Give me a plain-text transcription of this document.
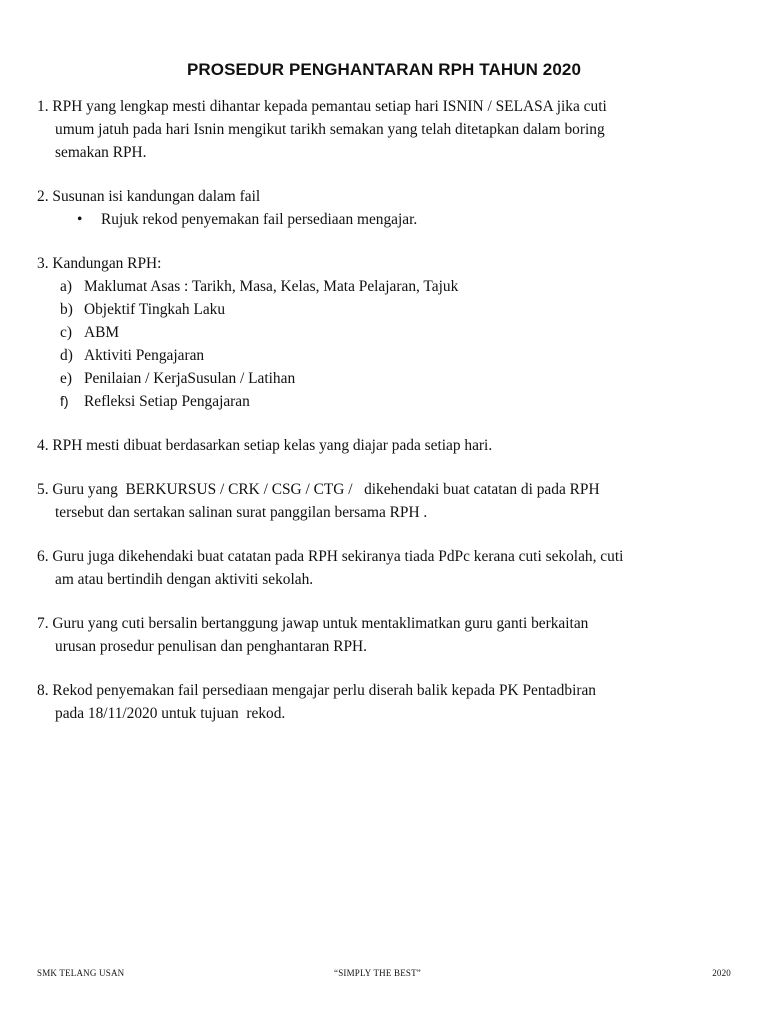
PROSEDUR PENGHANTARAN RPH TAHUN 2020
1. RPH yang lengkap mesti dihantar kepada pemantau setiap hari ISNIN / SELASA jika cuti
umum jatuh pada hari Isnin mengikut tarikh semakan yang telah ditetapkan dalam boring
semakan RPH.
2. Susunan isi kandungan dalam fail
•	Rujuk rekod penyemakan fail persediaan mengajar.
3. Kandungan RPH:
a) Maklumat Asas : Tarikh, Masa, Kelas, Mata Pelajaran, Tajuk
b) Objektif Tingkah Laku
c) ABM
d) Aktiviti Pengajaran
e) Penilaian / KerjaSusulan / Latihan
f)	Refleksi Setiap Pengajaran
4. RPH mesti dibuat berdasarkan setiap kelas yang diajar pada setiap hari.
5. Guru yang  BERKURSUS / CRK / CSG / CTG /   dikehendaki buat catatan di pada RPH
tersebut dan sertakan salinan surat panggilan bersama RPH .
6. Guru juga dikehendaki buat catatan pada RPH sekiranya tiada PdPc kerana cuti sekolah, cuti
am atau bertindih dengan aktiviti sekolah.
7. Guru yang cuti bersalin bertanggung jawap untuk mentaklimatkan guru ganti berkaitan
urusan prosedur penulisan dan penghantaran RPH.
8. Rekod penyemakan fail persediaan mengajar perlu diserah balik kepada PK Pentadbiran
pada 18/11/2020 untuk tujuan  rekod.
SMK TELANG USAN	“SIMPLY THE BEST”	2020
